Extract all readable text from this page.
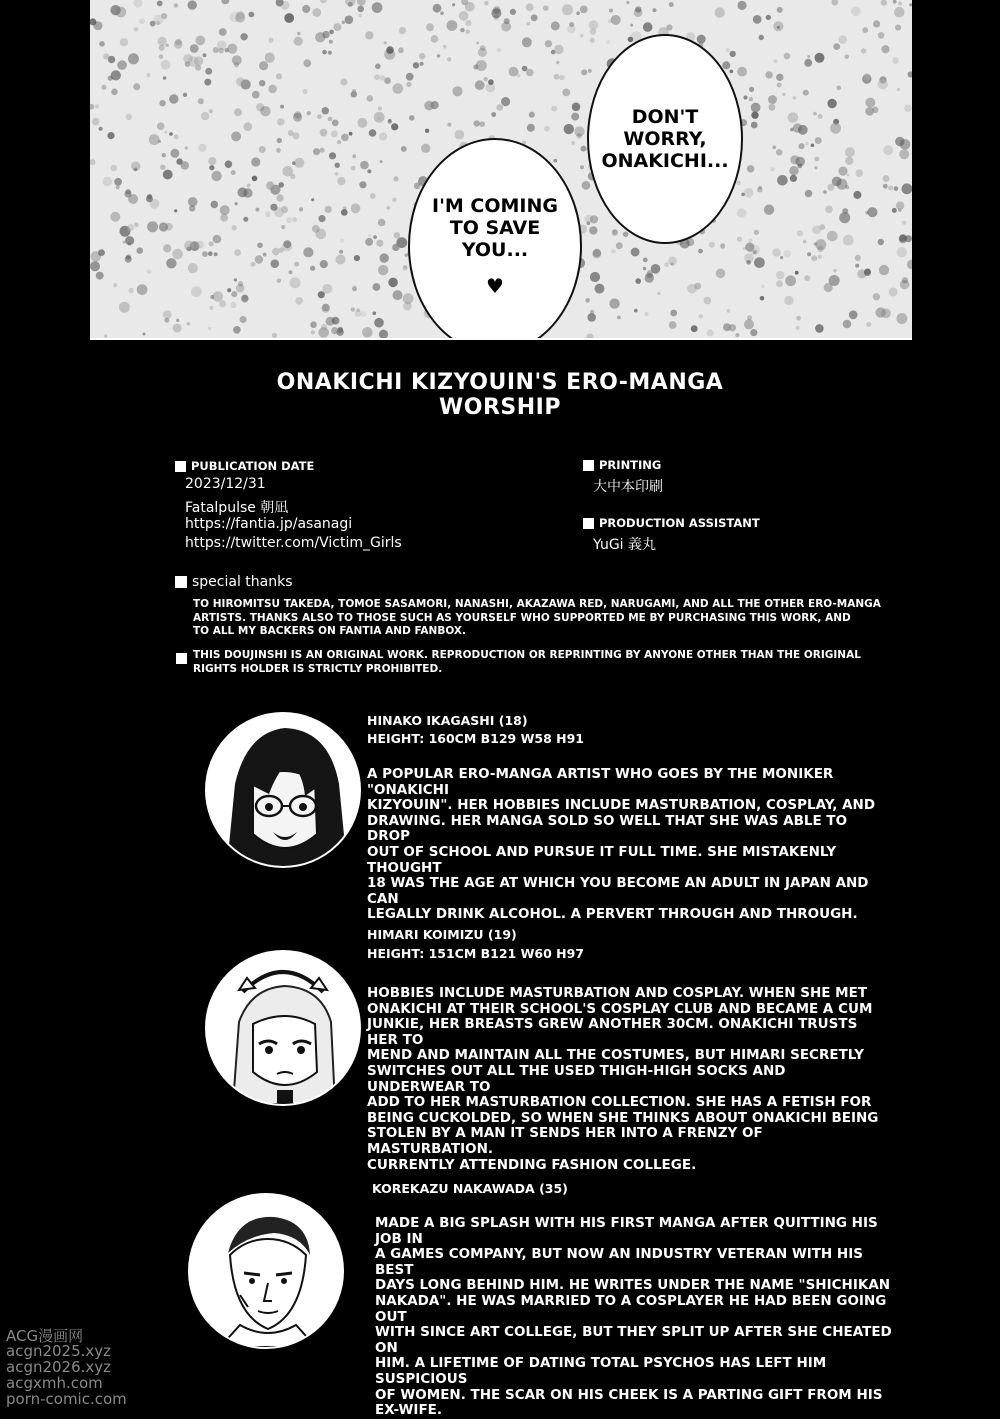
DON'T
WORRY,
ONAKICHI...
I'M COMING
TO SAVE
YOU...
♥
ONAKICHI KIZYOUIN'S ERO-MANGA
WORSHIP
PUBLICATION DATE
2023/12/31
Fatalpulse 朝凪
https://fantia.jp/asanagi
https://twitter.com/Victim_Girls
PRINTING
大中本印刷
PRODUCTION ASSISTANT
YuGi 義丸
special thanks
TO HIROMITSU TAKEDA, TOMOE SASAMORI, NANASHI, AKAZAWA RED, NARUGAMI, AND ALL THE OTHER ERO-MANGA
ARTISTS. THANKS ALSO TO THOSE SUCH AS YOURSELF WHO SUPPORTED ME BY PURCHASING THIS WORK, AND
TO ALL MY BACKERS ON FANTIA AND FANBOX.
THIS DOUJINSHI IS AN ORIGINAL WORK. REPRODUCTION OR REPRINTING BY ANYONE OTHER THAN THE ORIGINAL
RIGHTS HOLDER IS STRICTLY PROHIBITED.
HINAKO IKAGASHI (18)
HEIGHT: 160CM B129 W58 H91
A POPULAR ERO-MANGA ARTIST WHO GOES BY THE MONIKER "ONAKICHI
KIZYOUIN". HER HOBBIES INCLUDE MASTURBATION, COSPLAY, AND
DRAWING. HER MANGA SOLD SO WELL THAT SHE WAS ABLE TO DROP
OUT OF SCHOOL AND PURSUE IT FULL TIME. SHE MISTAKENLY THOUGHT
18 WAS THE AGE AT WHICH YOU BECOME AN ADULT IN JAPAN AND CAN
LEGALLY DRINK ALCOHOL. A PERVERT THROUGH AND THROUGH.
HIMARI KOIMIZU (19)
HEIGHT: 151CM B121 W60 H97
HOBBIES INCLUDE MASTURBATION AND COSPLAY. WHEN SHE MET
ONAKICHI AT THEIR SCHOOL'S COSPLAY CLUB AND BECAME A CUM
JUNKIE, HER BREASTS GREW ANOTHER 30CM. ONAKICHI TRUSTS HER TO
MEND AND MAINTAIN ALL THE COSTUMES, BUT HIMARI SECRETLY
SWITCHES OUT ALL THE USED THIGH-HIGH SOCKS AND UNDERWEAR TO
ADD TO HER MASTURBATION COLLECTION. SHE HAS A FETISH FOR
BEING CUCKOLDED, SO WHEN SHE THINKS ABOUT ONAKICHI BEING
STOLEN BY A MAN IT SENDS HER INTO A FRENZY OF MASTURBATION.
CURRENTLY ATTENDING FASHION COLLEGE.
KOREKAZU NAKAWADA (35)
MADE A BIG SPLASH WITH HIS FIRST MANGA AFTER QUITTING HIS JOB IN
A GAMES COMPANY, BUT NOW AN INDUSTRY VETERAN WITH HIS BEST
DAYS LONG BEHIND HIM. HE WRITES UNDER THE NAME "SHICHIKAN
NAKADA". HE WAS MARRIED TO A COSPLAYER HE HAD BEEN GOING OUT
WITH SINCE ART COLLEGE, BUT THEY SPLIT UP AFTER SHE CHEATED ON
HIM. A LIFETIME OF DATING TOTAL PSYCHOS HAS LEFT HIM SUSPICIOUS
OF WOMEN. THE SCAR ON HIS CHEEK IS A PARTING GIFT FROM HIS
EX-WIFE.
ACG漫画网
acgn2025.xyz
acgn2026.xyz
acgxmh.com
porn-comic.com
